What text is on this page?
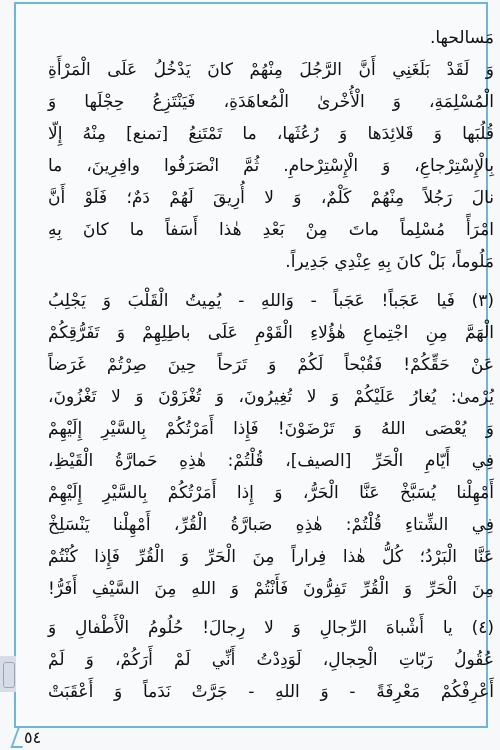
مَسالحها.
وَ لَقَدْ بَلَغَنِي أَنَّ الرَّجُلَ مِنْهُمْ كانَ يَدْخُلُ عَلَى الْمَرْأَةِ
الْمُسْلِمَةِ، وَ الْأُخْرىٰ الْمُعاهَدَةِ، فَيَنْتَزِعُ حِجْلَها وَ
قُلُبَها وَ قَلائِدَها وَ رُعُثَها، ما تَمْتَنِعُ [تمنع] مِنْهُ إِلّا
بِالْإِسْتِرْجاعِ، وَ الْإِسْتِرْحامِ. ثُمَّ انْصَرَفُوا وافِرِينَ، ما
نالَ رَجُلاً مِنْهُمْ كَلْمٌ، وَ لا أُرِيقَ لَهُمْ دَمٌ؛ فَلَوْ أَنَّ
امْرَأً مُسْلِماً ماتَ مِنْ بَعْدِ هٰذا أَسَفاً ما كانَ بِهِ
مَلُوماً، بَلْ كانَ بِهِ عِنْدِي جَدِيراً.
(٣) فَيا عَجَباً! عَجَباً - وَاللهِ - يُمِيتُ الْقَلْبَ وَ يَجْلِبُ
الْهَمَّ مِنِ اجْتِماعِ هٰؤُلاءِ الْقَوْمِ عَلَى باطِلِهِمْ وَ تَفَرُّقِكُمْ
عَنْ حَقِّكُمْ! فَقُبْحاً لَكُمْ وَ تَرَحاً حِينَ صِرْتُمْ غَرَضاً
يُرْمىٰ: يُغارُ عَلَيْكُمْ وَ لا تُغِيرُونَ، وَ تُغْزَوْنَ وَ لا تَغْزُونَ،
وَ يُعْصَى اللهُ وَ تَرْضَوْنَ! فَإِذا أَمَرْتُكُمْ بِالسَّيْرِ إِلَيْهِمْ
فِي أَيّامِ الْحَرِّ [الصيف]، قُلْتُمْ: هٰذِهِ حَمارَّةُ الْقَيْظِ،
أَمْهِلْنا يُسَبَّخْ عَنَّا الْحَرُّ، وَ إِذا أَمَرْتُكُمْ بِالسَّيْرِ إِلَيْهِمْ
فِي الشِّتاءِ قُلْتُمْ: هٰذِهِ صَبارَّةُ الْقُرِّ، أَمْهِلْنا يَنْسَلِخْ
عَنَّا الْبَرْدُ؛ كُلُّ هٰذا فِراراً مِنَ الْحَرِّ وَ الْقُرِّ فَإِذا كُنْتُمْ
مِنَ الْحَرِّ وَ الْقُرِّ تَفِرُّونَ فَأَنْتُمْ وَ اللهِ مِنَ السَّيْفِ أَفَرُّ!
(٤) يا أَشْباهَ الرِّجالِ وَ لا رِجالَ! حُلُومُ الْأَطْفالِ وَ
عُقُولُ رَبّاتِ الْحِجالِ، لَوَدِدْتُ أَنِّي لَمْ أَرَكُمْ، وَ لَمْ
أَعْرِفْكُمْ مَعْرِفَةً - وَ اللهِ - جَرَّتْ نَدَماً وَ أَعْقَبَتْ
٥٤
